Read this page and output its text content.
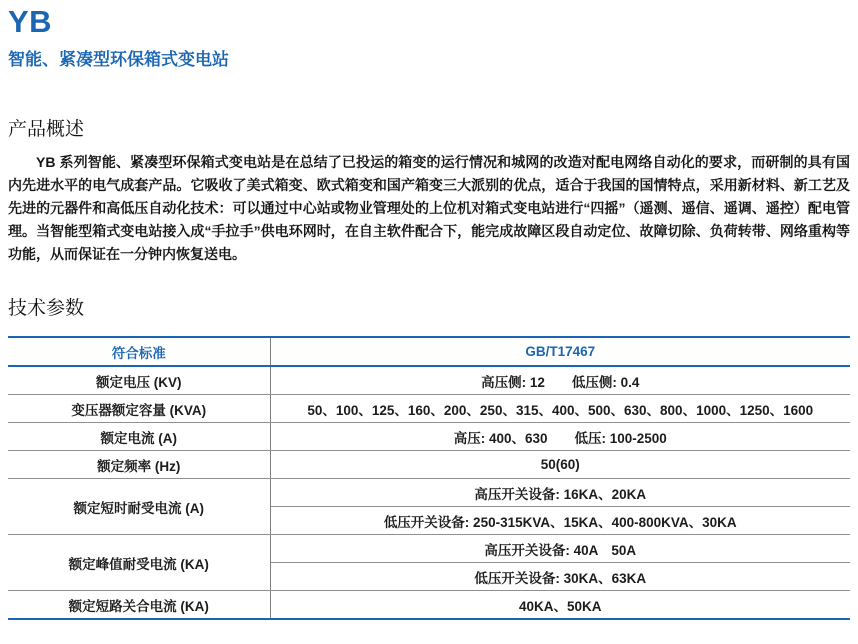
YB
智能、紧凑型环保箱式变电站
产品概述

YB 系列智能、紧凑型环保箱式变电站是在总结了已投运的箱变的运行情况和城网的改造对配电网络自动化的要求，而研制的具有国内先进水平的电气成套产品。它吸收了美式箱变、欧式箱变和国产箱变三大派别的优点，适合于我国的国情特点，采用新材料、新工艺及先进的元器件和高低压自动化技术：可以通过中心站或物业管理处的上位机对箱式变电站进行“四摇”（遥测、遥信、遥调、遥控）配电管理。当智能型箱式变电站接入成“手拉手”供电环网时，在自主软件配合下，能完成故障区段自动定位、故障切除、负荷转带、网络重构等功能，从而保证在一分钟内恢复送电。

技术参数
符合标准	GB/T17467
额定电压 (KV)	高压侧: 12　　低压侧: 0.4
变压器额定容量 (KVA)	50、100、125、160、200、250、315、400、500、630、800、1000、1250、1600
额定电流 (A)	高压: 400、630　　低压: 100-2500
额定频率 (Hz)	50(60)
额定短时耐受电流 (A)	高压开关设备: 16KA、20KA
	低压开关设备: 250-315KVA、15KA、400-800KVA、30KA
额定峰值耐受电流 (KA)	高压开关设备: 40A　50A
	低压开关设备: 30KA、63KA
额定短路关合电流 (KA)	40KA、50KA
